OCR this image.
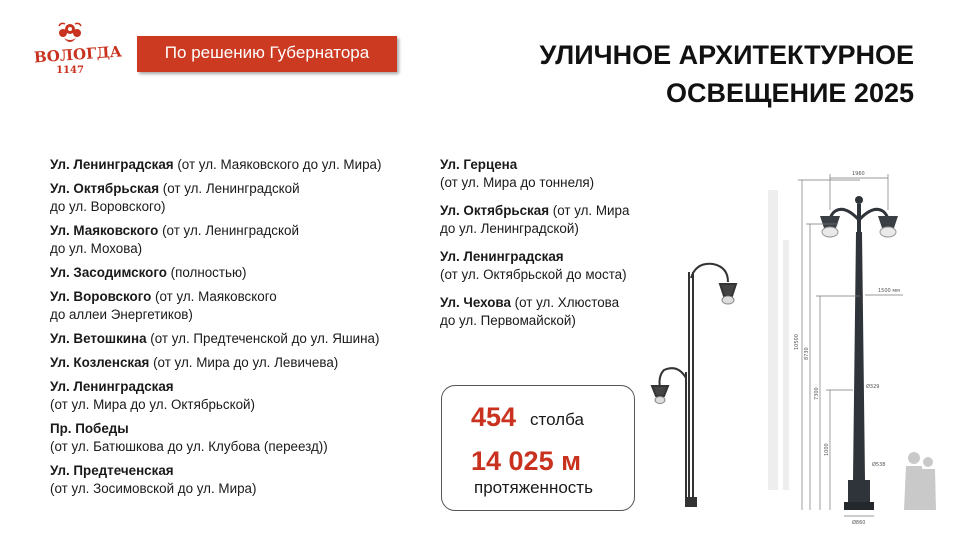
ВОЛОГДА
1147
По решению Губернатора	УЛИЧНОЕ АРХИТЕКТУРНОЕ
ОСВЕЩЕНИЕ 2025
Ул. Ленинградская (от ул. Маяковского до ул. Мира)
Ул. Октябрьская (от ул. Ленинградской
до ул. Воровского)
Ул. Маяковского (от ул. Ленинградской
до ул. Мохова)
Ул. Засодимского (полностью)
Ул. Воровского (от ул. Маяковского
до аллеи Энергетиков)
Ул. Ветошкина (от ул. Предтеченской до ул. Яшина)
Ул. Козленская (от ул. Мира до ул. Левичева)
Ул. Ленинградская
(от ул. Мира до ул. Октябрьской)
Пр. Победы
(от ул. Батюшкова до ул. Клубова (переезд))
Ул. Предтеченская
(от ул. Зосимовской до ул. Мира)
Ул. Герцена
(от ул. Мира до тоннеля)
Ул. Октябрьская (от ул. Мира
до ул. Ленинградской)
Ул. Ленинградская
(от ул. Октябрьской до моста)
Ул. Чехова (от ул. Хлюстова
до ул. Первомайской)
454 столба
14 025 м
протяженность
1960
1500 мм
10500
8730
7300
1000
Ø329
Ø538
Ø860
